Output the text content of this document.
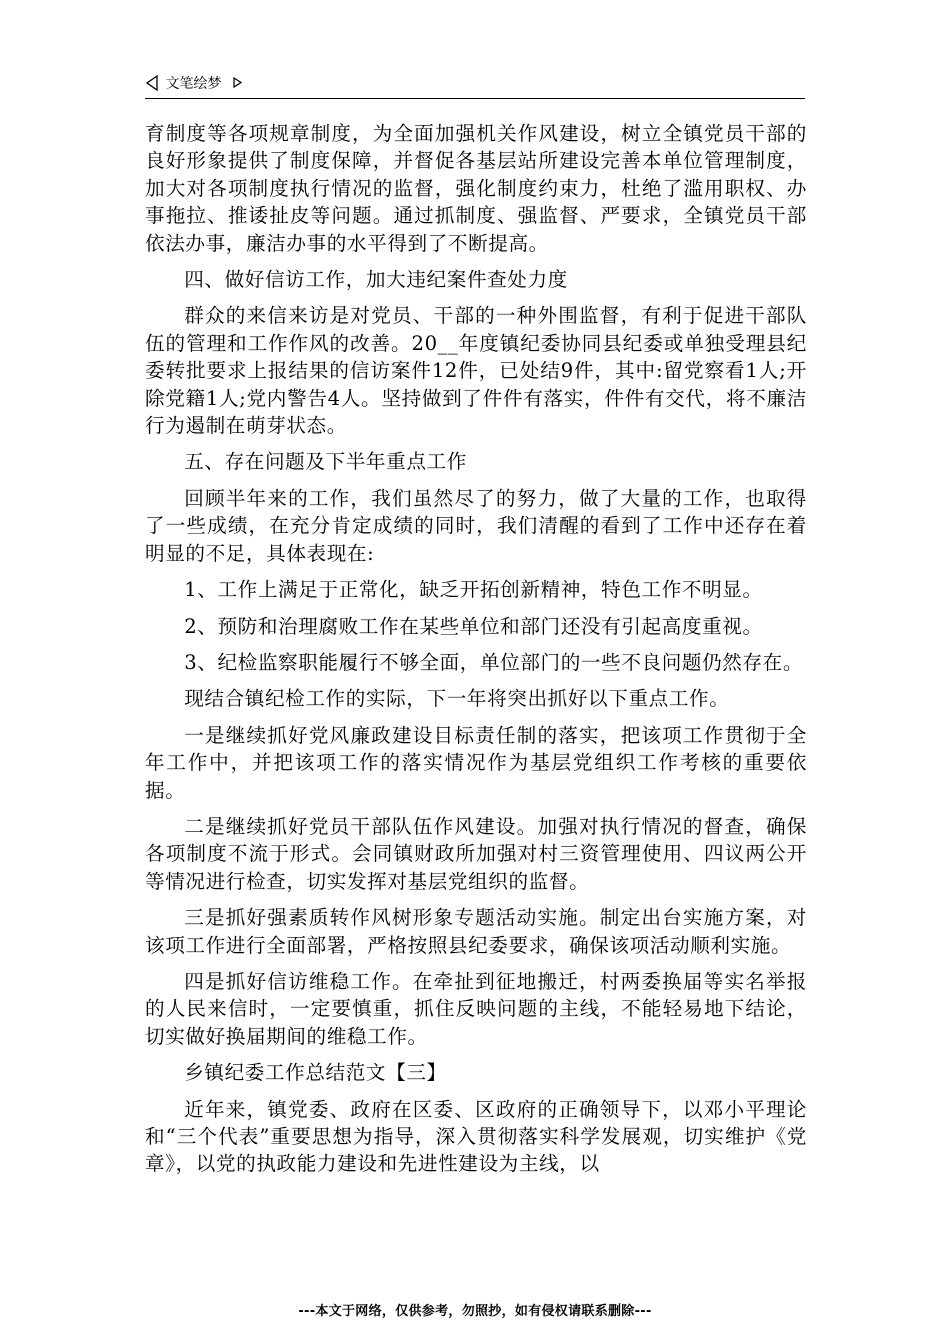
文笔绘梦

育制度等各项规章制度，为全面加强机关作风建设，树立全镇党员干部的良好形象提供了制度保障，并督促各基层站所建设完善本单位管理制度，加大对各项制度执行情况的监督，强化制度约束力，杜绝了滥用职权、办事拖拉、推诿扯皮等问题。通过抓制度、强监督、严要求，全镇党员干部依法办事，廉洁办事的水平得到了不断提高。

四、做好信访工作，加大违纪案件查处力度

群众的来信来访是对党员、干部的一种外围监督，有利于促进干部队伍的管理和工作作风的改善。20__年度镇纪委协同县纪委或单独受理县纪委转批要求上报结果的信访案件12件，已处结9件，其中:留党察看1人;开除党籍1人;党内警告4人。坚持做到了件件有落实，件件有交代，将不廉洁行为遏制在萌芽状态。

五、存在问题及下半年重点工作

回顾半年来的工作，我们虽然尽了的努力，做了大量的工作，也取得了一些成绩，在充分肯定成绩的同时，我们清醒的看到了工作中还存在着明显的不足，具体表现在:

1、工作上满足于正常化，缺乏开拓创新精神，特色工作不明显。

2、预防和治理腐败工作在某些单位和部门还没有引起高度重视。

3、纪检监察职能履行不够全面，单位部门的一些不良问题仍然存在。

现结合镇纪检工作的实际，下一年将突出抓好以下重点工作。

一是继续抓好党风廉政建设目标责任制的落实，把该项工作贯彻于全年工作中，并把该项工作的落实情况作为基层党组织工作考核的重要依据。

二是继续抓好党员干部队伍作风建设。加强对执行情况的督查，确保各项制度不流于形式。会同镇财政所加强对村三资管理使用、四议两公开等情况进行检查，切实发挥对基层党组织的监督。

三是抓好强素质转作风树形象专题活动实施。制定出台实施方案，对该项工作进行全面部署，严格按照县纪委要求，确保该项活动顺利实施。

四是抓好信访维稳工作。在牵扯到征地搬迁，村两委换届等实名举报的人民来信时，一定要慎重，抓住反映问题的主线，不能轻易地下结论，切实做好换届期间的维稳工作。

乡镇纪委工作总结范文【三】

近年来，镇党委、政府在区委、区政府的正确领导下，以邓小平理论和“三个代表”重要思想为指导，深入贯彻落实科学发展观，切实维护《党章》，以党的执政能力建设和先进性建设为主线，以

---本文于网络，仅供参考，勿照抄，如有侵权请联系删除---
